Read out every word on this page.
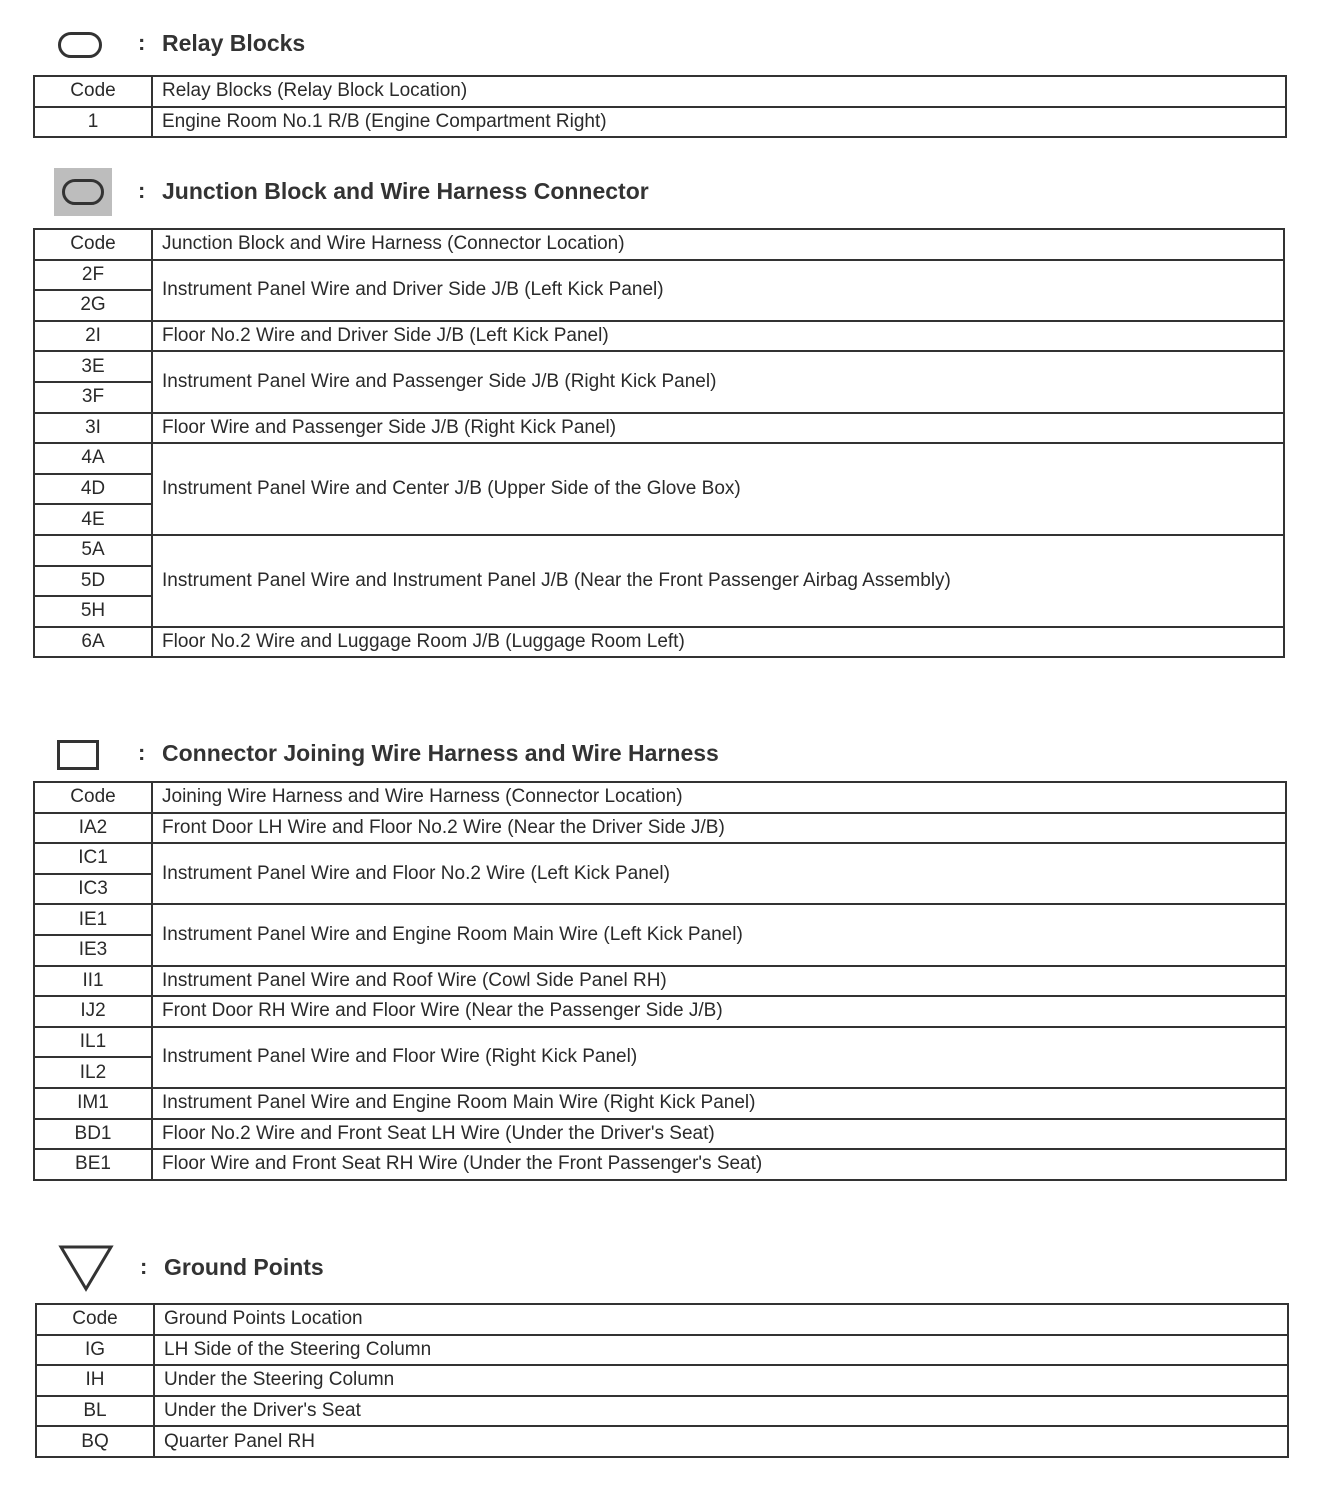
: Relay Blocks
Code	Relay Blocks (Relay Block Location)
1	Engine Room No.1 R/B (Engine Compartment Right)
: Junction Block and Wire Harness Connector
Code	Junction Block and Wire Harness (Connector Location)
2F	Instrument Panel Wire and Driver Side J/B (Left Kick Panel)
2G	
2I	Floor No.2 Wire and Driver Side J/B (Left Kick Panel)
3E	Instrument Panel Wire and Passenger Side J/B (Right Kick Panel)
3F	
3I	Floor Wire and Passenger Side J/B (Right Kick Panel)
4A	Instrument Panel Wire and Center J/B (Upper Side of the Glove Box)
4D	
4E	
5A	Instrument Panel Wire and Instrument Panel J/B (Near the Front Passenger Airbag Assembly)
5D	
5H	
6A	Floor No.2 Wire and Luggage Room J/B (Luggage Room Left)
: Connector Joining Wire Harness and Wire Harness
Code	Joining Wire Harness and Wire Harness (Connector Location)
IA2	Front Door LH Wire and Floor No.2 Wire (Near the Driver Side J/B)
IC1	Instrument Panel Wire and Floor No.2 Wire (Left Kick Panel)
IC3	
IE1	Instrument Panel Wire and Engine Room Main Wire (Left Kick Panel)
IE3	
II1	Instrument Panel Wire and Roof Wire (Cowl Side Panel RH)
IJ2	Front Door RH Wire and Floor Wire (Near the Passenger Side J/B)
IL1	Instrument Panel Wire and Floor Wire (Right Kick Panel)
IL2	
IM1	Instrument Panel Wire and Engine Room Main Wire (Right Kick Panel)
BD1	Floor No.2 Wire and Front Seat LH Wire (Under the Driver's Seat)
BE1	Floor Wire and Front Seat RH Wire (Under the Front Passenger's Seat)
: Ground Points
Code	Ground Points Location
IG	LH Side of the Steering Column
IH	Under the Steering Column
BL	Under the Driver's Seat
BQ	Quarter Panel RH
